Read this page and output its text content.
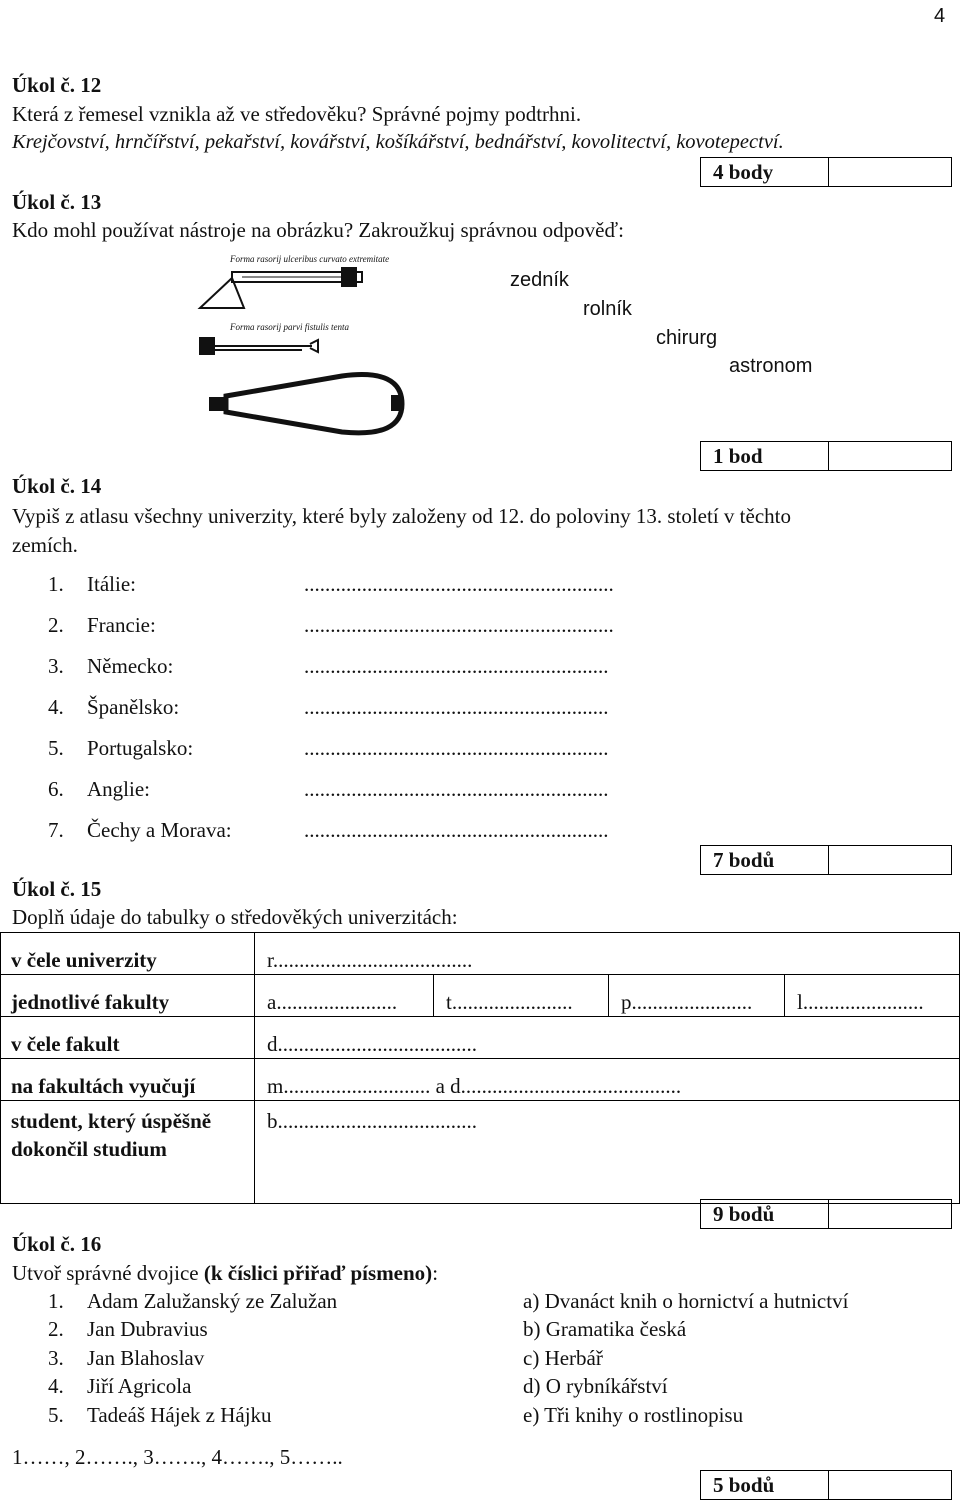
4
Úkol č. 12
Která z řemesel vznikla až ve středověku? Správné pojmy podtrhni.
Krejčovství, hrnčířství, pekařství, kovářství, košíkářství, bednářství, kovolitectví, kovotepectví.
4 body
Úkol č. 13
Kdo mohl používat nástroje na obrázku? Zakroužkuj správnou odpověď:
Forma rasorij ulceribus curvato extremitate
Forma rasorij parvi fistulis tenta
zedník
rolník
chirurg
astronom
1 bod
Úkol č. 14
Vypiš z atlasu všechny univerzity, které byly založeny od 12. do poloviny 13. století v těchto
zemích.
1. Itálie:	...........................................................
2. Francie:	...........................................................
3. Německo:	..........................................................
4. Španělsko:	..........................................................
5. Portugalsko:	..........................................................
6. Anglie:	..........................................................
7. Čechy a Morava:	..........................................................
7 bodů
Úkol č. 15
Doplň údaje do tabulky o středověkých univerzitách:
v čele univerzity	r......................................			
jednotlivé fakulty	a.......................	t.......................	p.......................	l.......................
v čele fakult	d......................................			
na fakultách vyučují	m............................ a d..........................................			
student, který úspěšně dokončil studium	b......................................			
9 bodů
Úkol č. 16
Utvoř správné dvojice (k číslici přiřaď písmeno):
1. Adam Zalužanský ze Zalužan
2. Jan Dubravius
3. Jan Blahoslav
4. Jiří Agricola
5. Tadeáš Hájek z Hájku
a) Dvanáct knih o hornictví a hutnictví
b) Gramatika česká
c) Herbář
d) O rybníkářství
e) Tři knihy o rostlinopisu
1……, 2……., 3……., 4……., 5……..
5 bodů
